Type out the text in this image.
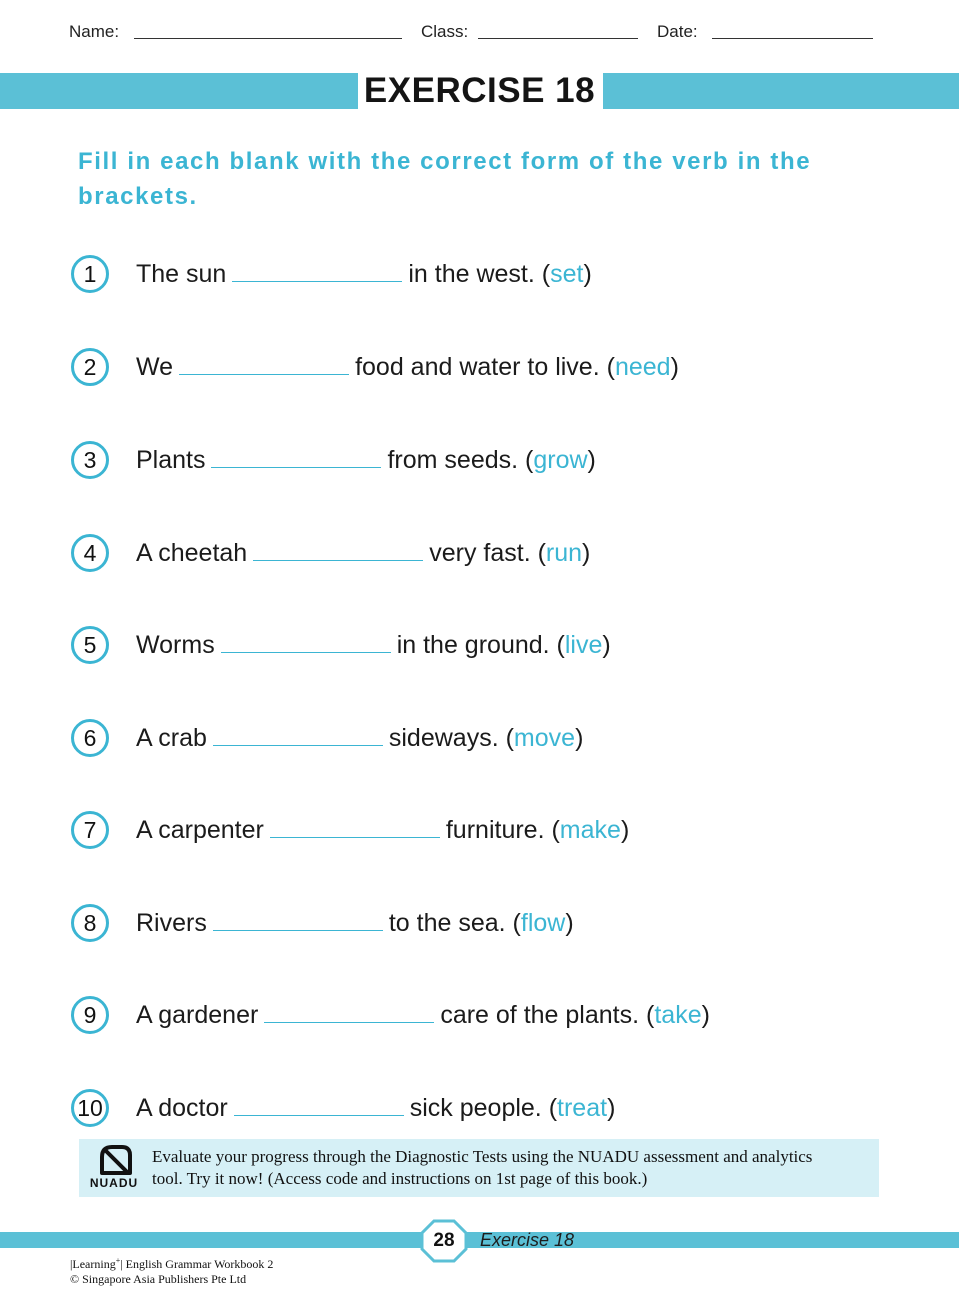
Name:	Class:	Date:
EXERCISE 18
Fill in each blank with the correct form of the verb in the brackets.
1	The sun	in the west. (set)
2	We	food and water to live. (need)
3	Plants	from seeds. (grow)
4	A cheetah	very fast. (run)
5	Worms	in the ground. (live)
6	A crab	sideways. (move)
7	A carpenter	furniture. (make)
8	Rivers	to the sea. (flow)
9	A gardener	care of the plants. (take)
10 A doctor	sick people. (treat)
NUADU
Evaluate your progress through the Diagnostic Tests using the NUADU assessment and analytics
tool. Try it now! (Access code and instructions on 1st page of this book.)
28	Exercise 18
|Learning+| English Grammar Workbook 2
© Singapore Asia Publishers Pte Ltd
